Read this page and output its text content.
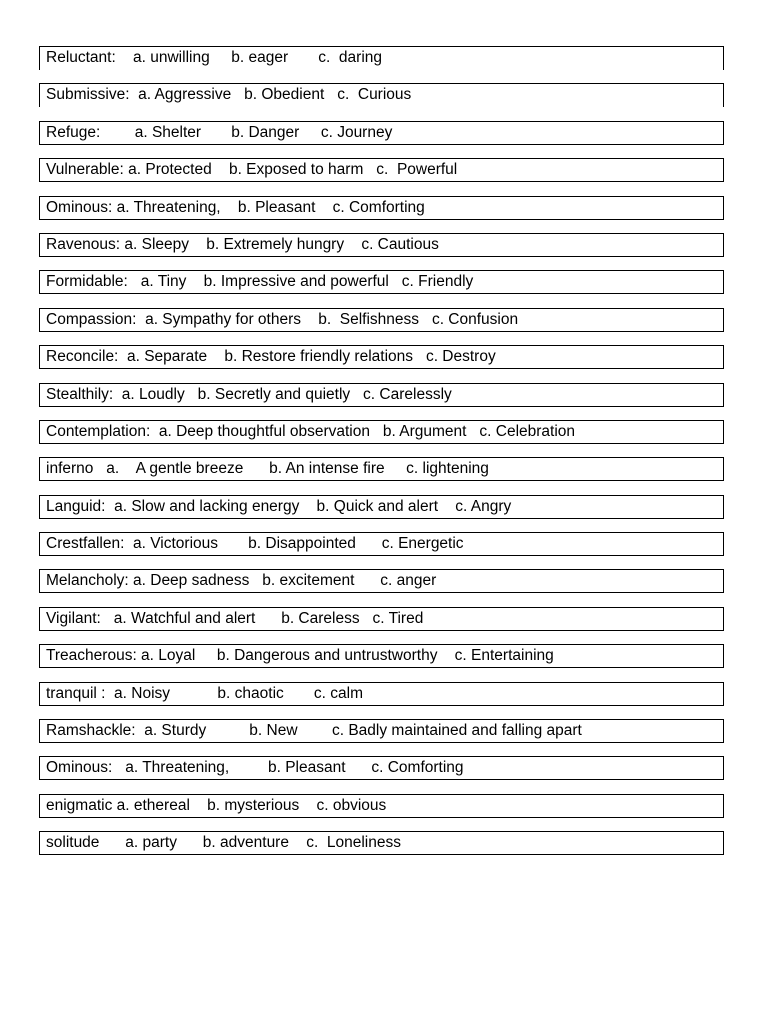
Reluctant:    a. unwilling     b. eager       c.  daring
Submissive:  a. Aggressive   b. Obedient   c.  Curious
Refuge:        a. Shelter       b. Danger     c. Journey
Vulnerable: a. Protected    b. Exposed to harm   c.  Powerful
Ominous: a. Threatening,    b. Pleasant    c. Comforting
Ravenous: a. Sleepy    b. Extremely hungry    c. Cautious
Formidable:   a. Tiny    b. Impressive and powerful   c. Friendly
Compassion:  a. Sympathy for others    b.  Selfishness   c. Confusion
Reconcile:  a. Separate    b. Restore friendly relations   c. Destroy
Stealthily:  a. Loudly   b. Secretly and quietly   c. Carelessly
Contemplation:  a. Deep thoughtful observation   b. Argument   c. Celebration
inferno   a.    A gentle breeze      b. An intense fire     c. lightening
Languid:  a. Slow and lacking energy    b. Quick and alert    c. Angry
Crestfallen:  a. Victorious       b. Disappointed      c. Energetic
Melancholy: a. Deep sadness   b. excitement      c. anger
Vigilant:   a. Watchful and alert      b. Careless   c. Tired
Treacherous: a. Loyal     b. Dangerous and untrustworthy    c. Entertaining
tranquil :  a. Noisy           b. chaotic       c. calm
Ramshackle:  a. Sturdy          b. New        c. Badly maintained and falling apart
Ominous:   a. Threatening,         b. Pleasant      c. Comforting
enigmatic a. ethereal    b. mysterious    c. obvious
solitude      a. party      b. adventure    c.  Loneliness
